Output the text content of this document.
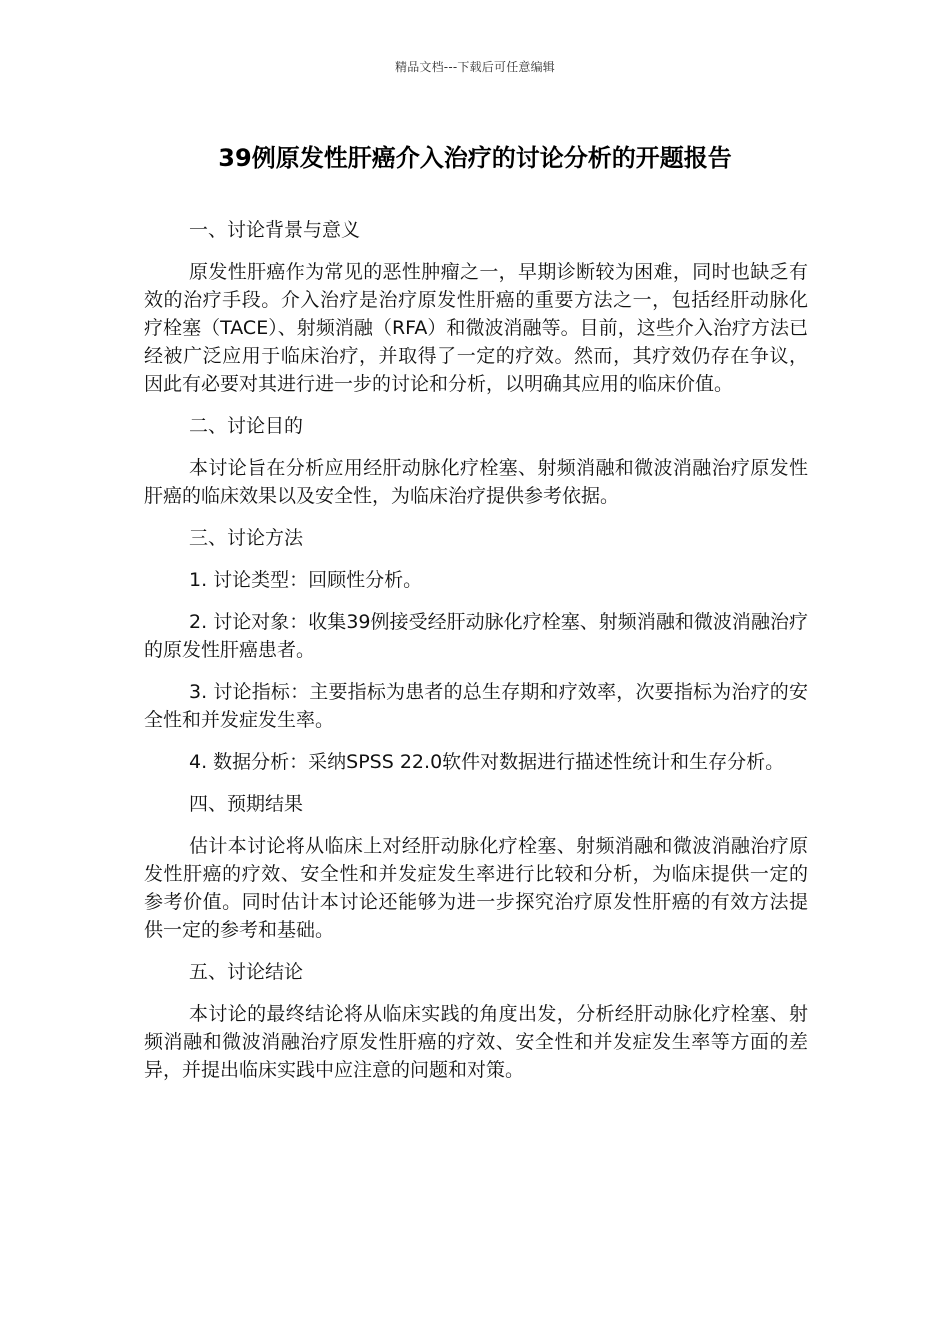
精品文档---下载后可任意编辑
39例原发性肝癌介入治疗的讨论分析的开题报告
一、讨论背景与意义

原发性肝癌作为常见的恶性肿瘤之一，早期诊断较为困难，同时也缺乏有效的治疗手段。介入治疗是治疗原发性肝癌的重要方法之一，包括经肝动脉化疗栓塞（TACE）、射频消融（RFA）和微波消融等。目前，这些介入治疗方法已经被广泛应用于临床治疗，并取得了一定的疗效。然而，其疗效仍存在争议，因此有必要对其进行进一步的讨论和分析，以明确其应用的临床价值。

二、讨论目的

本讨论旨在分析应用经肝动脉化疗栓塞、射频消融和微波消融治疗原发性肝癌的临床效果以及安全性，为临床治疗提供参考依据。

三、讨论方法

1. 讨论类型：回顾性分析。

2. 讨论对象：收集39例接受经肝动脉化疗栓塞、射频消融和微波消融治疗的原发性肝癌患者。

3. 讨论指标：主要指标为患者的总生存期和疗效率，次要指标为治疗的安全性和并发症发生率。

4. 数据分析：采纳SPSS 22.0软件对数据进行描述性统计和生存分析。

四、预期结果

估计本讨论将从临床上对经肝动脉化疗栓塞、射频消融和微波消融治疗原发性肝癌的疗效、安全性和并发症发生率进行比较和分析，为临床提供一定的参考价值。同时估计本讨论还能够为进一步探究治疗原发性肝癌的有效方法提供一定的参考和基础。

五、讨论结论

本讨论的最终结论将从临床实践的角度出发，分析经肝动脉化疗栓塞、射频消融和微波消融治疗原发性肝癌的疗效、安全性和并发症发生率等方面的差异，并提出临床实践中应注意的问题和对策。
